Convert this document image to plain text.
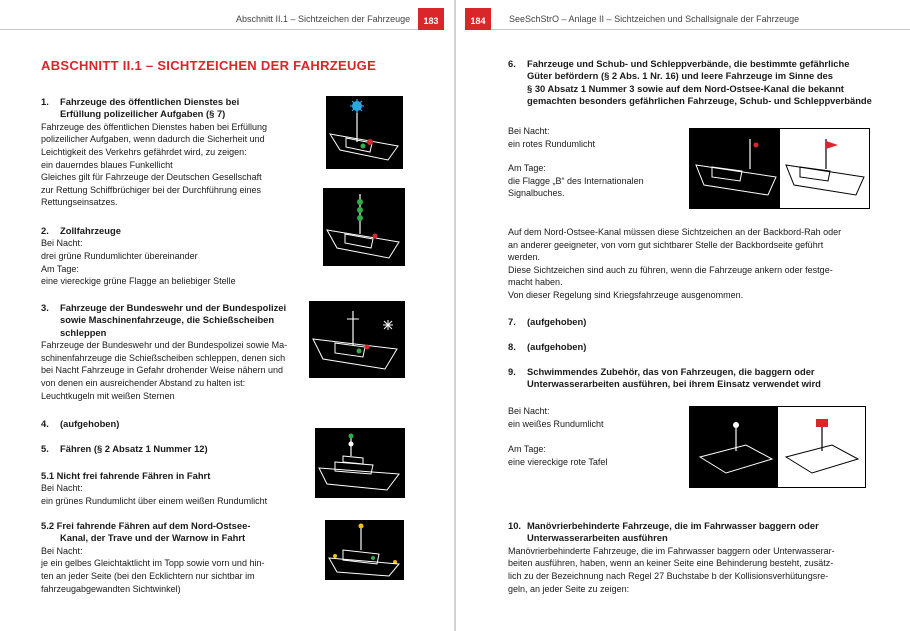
Abschnitt II.1 – Sichtzeichen der Fahrzeuge	183
ABSCHNITT II.1 – SICHTZEICHEN DER FAHRZEUGE
1. Fahrzeuge des öffentlichen Dienstes bei
Erfüllung polizeilicher Aufgaben (§ 7)
Fahrzeuge des öffentlichen Dienstes haben bei Erfüllung
polizeilicher Aufgaben, wenn dadurch die Sicherheit und
Leichtigkeit des Verkehrs gefährdet wird, zu zeigen:
ein dauerndes blaues Funkellicht
Gleiches gilt für Fahrzeuge der Deutschen Gesellschaft
zur Rettung Schiffbrüchiger bei der Durchführung eines
Rettungseinsatzes.
2. Zollfahrzeuge
Bei Nacht:
drei grüne Rundumlichter übereinander
Am Tage:
eine viereckige grüne Flagge an beliebiger Stelle
3. Fahrzeuge der Bundeswehr und der Bundespolizei
sowie Maschinenfahrzeuge, die Schießscheiben
schleppen
Fahrzeuge der Bundeswehr und der Bundespolizei sowie Ma-
schinenfahrzeuge die Schießscheiben schleppen, denen sich
bei Nacht Fahrzeuge in Gefahr drohender Weise nähern und
von denen ein ausreichender Abstand zu halten ist:
Leuchtkugeln mit weißen Sternen
4. (aufgehoben)
5. Fähren (§ 2 Absatz 1 Nummer 12)
5.1 Nicht frei fahrende Fähren in Fahrt
Bei Nacht:
ein grünes Rundumlicht über einem weißen Rundumlicht
5.2 Frei fahrende Fähren auf dem Nord-Ostsee-
Kanal, der Trave und der Warnow in Fahrt
Bei Nacht:
je ein gelbes Gleichtaktlicht im Topp sowie vorn und hin-
ten an jeder Seite (bei den Ecklichtern nur sichtbar im
fahrzeugabgewandten Sichtwinkel)
184	SeeSchStrO – Anlage II – Sichtzeichen und Schallsignale der Fahrzeuge
6. Fahrzeuge und Schub- und Schleppverbände, die bestimmte gefährliche
Güter befördern (§ 2 Abs. 1 Nr. 16) und leere Fahrzeuge im Sinne des
§ 30 Absatz 1 Nummer 3 sowie auf dem Nord-Ostsee-Kanal die bekannt
gemachten besonders gefährlichen Fahrzeuge, Schub- und Schleppverbände
Bei Nacht:
ein rotes Rundumlicht
Am Tage:
die Flagge „B“ des Internationalen
Signalbuches.
Auf dem Nord-Ostsee-Kanal müssen diese Sichtzeichen an der Backbord-Rah oder
an anderer geeigneter, von vorn gut sichtbarer Stelle der Backbordseite geführt
werden.
Diese Sichtzeichen sind auch zu führen, wenn die Fahrzeuge ankern oder festge-
macht haben.
Von dieser Regelung sind Kriegsfahrzeuge ausgenommen.
7. (aufgehoben)
8. (aufgehoben)
9. Schwimmendes Zubehör, das von Fahrzeugen, die baggern oder
Unterwasserarbeiten ausführen, bei ihrem Einsatz verwendet wird
Bei Nacht:
ein weißes Rundumlicht
Am Tage:
eine viereckige rote Tafel
10. Manövrierbehinderte Fahrzeuge, die im Fahrwasser baggern oder
Unterwasserarbeiten ausführen
Manövrierbehinderte Fahrzeuge, die im Fahrwasser baggern oder Unterwasserar-
beiten ausführen, haben, wenn an keiner Seite eine Behinderung besteht, zusätz-
lich zu der Bezeichnung nach Regel 27 Buchstabe b der Kollisionsverhütungsre-
geln, an jeder Seite zu zeigen:
